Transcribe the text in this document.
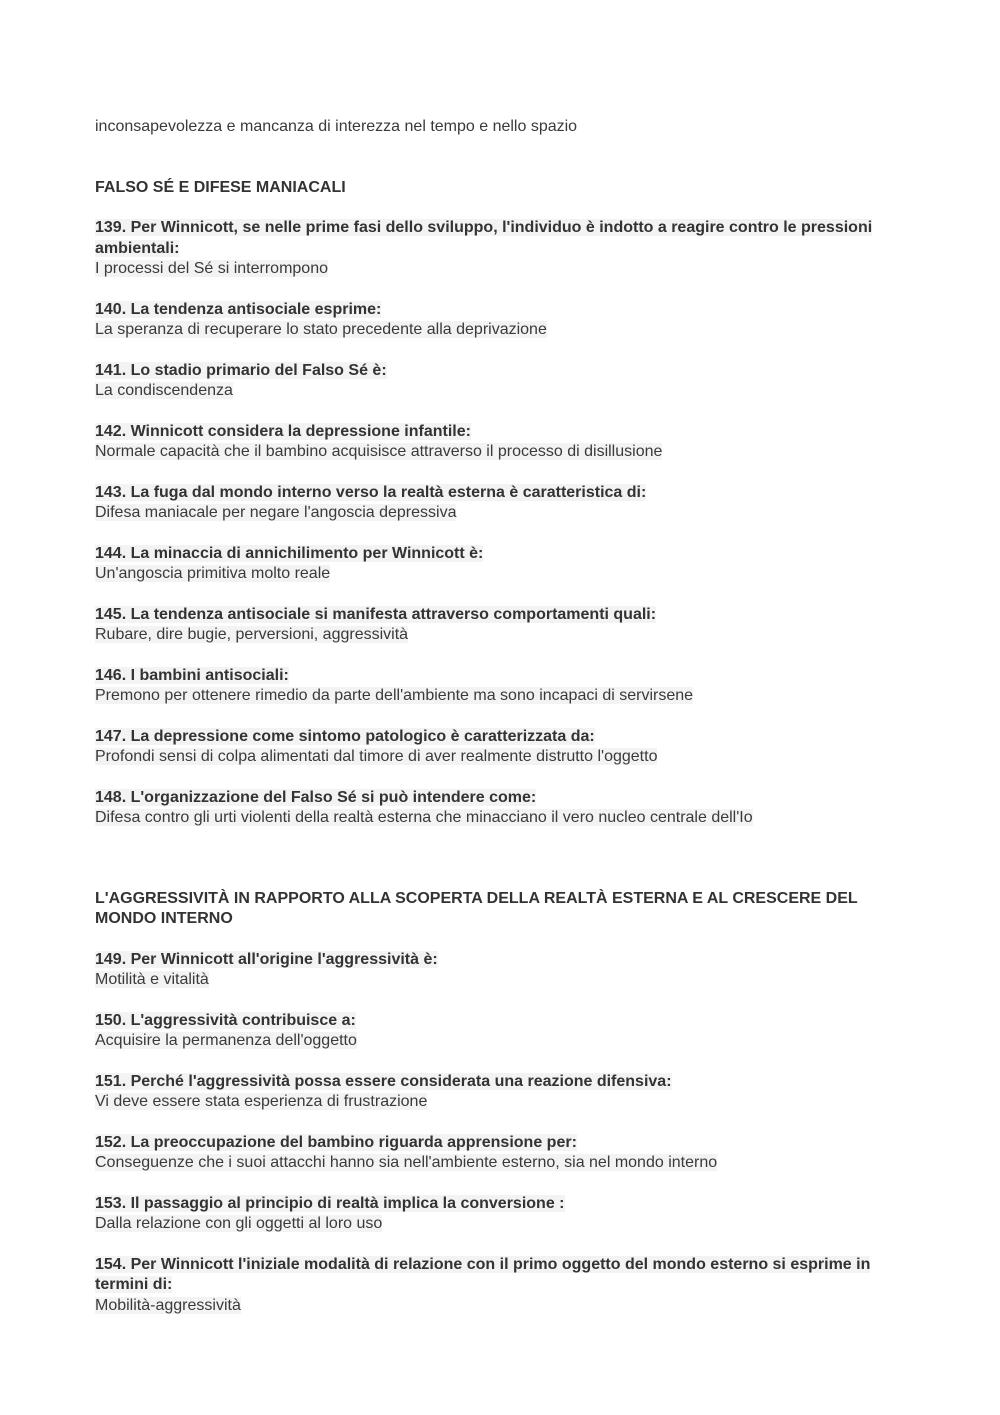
inconsapevolezza e mancanza di interezza nel tempo e nello spazio
FALSO SÉ E DIFESE MANIACALI
139. Per Winnicott, se nelle prime fasi dello sviluppo, l'individuo è indotto a reagire contro le pressioni ambientali:
I processi del Sé si interrompono
140. La tendenza antisociale esprime:
La speranza di recuperare lo stato precedente alla deprivazione
141. Lo stadio primario del Falso Sé è:
La condiscendenza
142. Winnicott considera la depressione infantile:
Normale capacità che il bambino acquisisce attraverso il processo di disillusione
143. La fuga dal mondo interno verso la realtà esterna è caratteristica di:
Difesa maniacale per negare l'angoscia depressiva
144. La minaccia di annichilimento per Winnicott è:
Un'angoscia primitiva molto reale
145. La tendenza antisociale si manifesta attraverso comportamenti quali:
Rubare, dire bugie, perversioni, aggressività
146. I bambini antisociali:
Premono per ottenere rimedio da parte dell'ambiente ma sono incapaci di servirsene
147. La depressione come sintomo patologico è caratterizzata da:
Profondi sensi di colpa alimentati dal timore di aver realmente distrutto l'oggetto
148. L'organizzazione del Falso Sé si può intendere come:
Difesa contro gli urti violenti della realtà esterna che minacciano il vero nucleo centrale dell'Io
L'AGGRESSIVITÀ IN RAPPORTO ALLA SCOPERTA DELLA REALTÀ ESTERNA E AL CRESCERE DEL MONDO INTERNO
149. Per Winnicott all'origine l'aggressività è:
Motilità e vitalità
150. L'aggressività contribuisce a:
Acquisire la permanenza dell'oggetto
151. Perché l'aggressività possa essere considerata una reazione difensiva:
Vi deve essere stata esperienza di frustrazione
152. La preoccupazione del bambino riguarda apprensione per:
Conseguenze che i suoi attacchi hanno sia nell'ambiente esterno, sia nel mondo interno
153. Il passaggio al principio di realtà implica la conversione :
Dalla relazione con gli oggetti al loro uso
154. Per Winnicott l'iniziale modalità di relazione con il primo oggetto del mondo esterno si esprime in termini di:
Mobilità-aggressività
